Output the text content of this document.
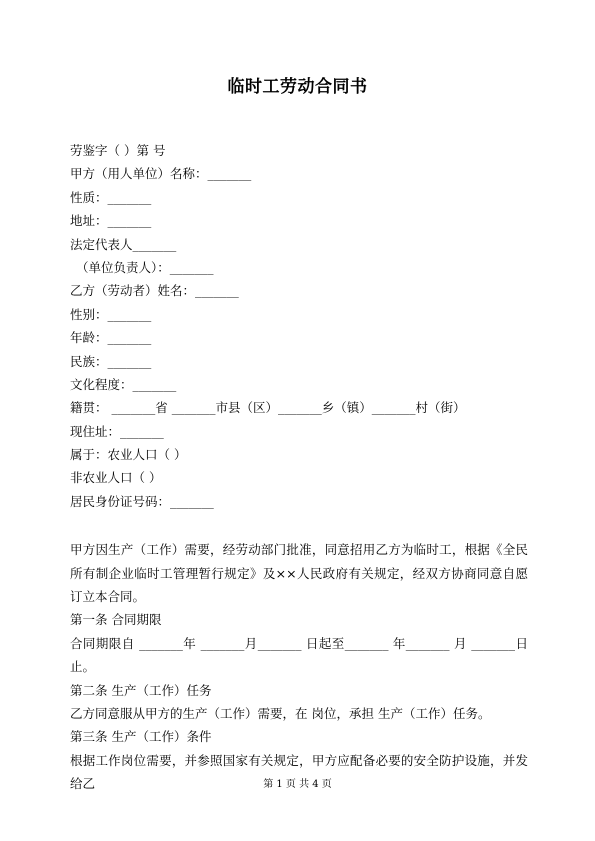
临时工劳动合同书
劳鉴字（ ）第 号
甲方（用人单位）名称：_______
性质：_______
地址：_______
法定代表人_______
（单位负责人）：_______
乙方（劳动者）姓名：_______
性别：_______
年龄：_______
民族：_______
文化程度：_______
籍贯： _______省 _______市县（区）_______乡（镇）_______村（街）
现住址：_______
属于：农业人口（ ）
非农业人口（ ）
居民身份证号码：_______

甲方因生产（工作）需要，经劳动部门批准，同意招用乙方为临时工，根据《全民所有制企业临时工管理暂行规定》及××人民政府有关规定，经双方协商同意自愿订立本合同。

第一条 合同期限

合同期限自 _______年 _______月_______ 日起至_______ 年_______ 月 _______日止。

第二条 生产（工作）任务

乙方同意服从甲方的生产（工作）需要，在 岗位，承担 生产（工作）任务。

第三条 生产（工作）条件

根据工作岗位需要，并参照国家有关规定，甲方应配备必要的安全防护设施，并发给乙	第 1 页 共 4 页
